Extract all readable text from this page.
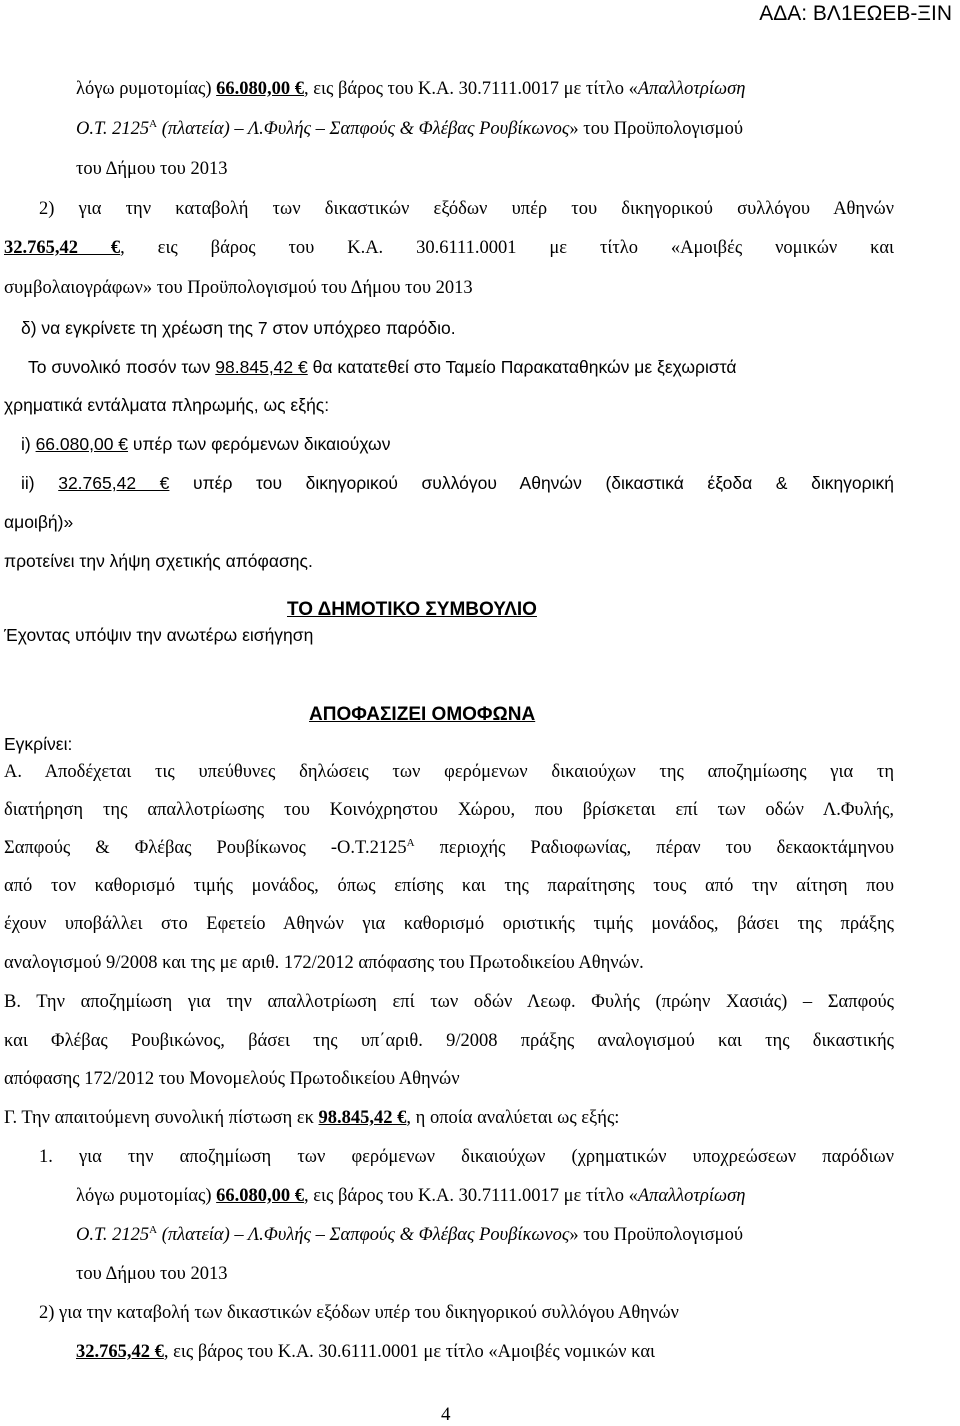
ΑΔΑ: ΒΛ1ΕΩΕΒ-ΞΙΝ
λόγω ρυμοτομίας) 66.080,00 €, εις βάρος του Κ.Α. 30.7111.0017 με τίτλο «Απαλλοτρίωση
Ο.Τ. $2125^A$ (πλατεία) – Λ.Φυλής – Σαπφούς & Φλέβας Ρουβίκωνος» του Προϋπολογισμού
του Δήμου του 2013
2) για την καταβολή των δικαστικών εξόδων υπέρ του δικηγορικού συλλόγου Αθηνών
32.765,42 €, εις βάρος του Κ.Α. 30.6111.0001 με τίτλο «Αμοιβές νομικών και
συμβολαιογράφων» του Προϋπολογισμού του Δήμου του 2013
δ) να εγκρίνετε τη χρέωση της 7 στον υπόχρεο παρόδιο.
Το συνολικό ποσόν των 98.845,42 € θα κατατεθεί στο Ταμείο Παρακαταθηκών με ξεχωριστά
χρηματικά εντάλματα πληρωμής, ως εξής:
i) 66.080,00 € υπέρ των φερόμενων δικαιούχων
ii) 32.765,42 € υπέρ του δικηγορικού συλλόγου Αθηνών (δικαστικά έξοδα & δικηγορική
αμοιβή)»
προτείνει την λήψη σχετικής απόφασης.
ΤΟ ΔΗΜΟΤΙΚΟ ΣΥΜΒΟΥΛΙΟ
Έχοντας υπόψιν την ανωτέρω εισήγηση
ΑΠΟΦΑΣΙΖΕΙ ΟΜΟΦΩΝΑ
Εγκρίνει:
Α. Αποδέχεται τις υπεύθυνες δηλώσεις των φερόμενων δικαιούχων της αποζημίωσης για τη
διατήρηση της απαλλοτρίωσης του Κοινόχρηστου Χώρου, που βρίσκεται επί των οδών Λ.Φυλής,
Σαπφούς & Φλέβας Ρουβίκωνος $-O.T.2125^A$ περιοχής Ραδιοφωνίας, πέραν του δεκαοκτάμηνου
από τον καθορισμό τιμής μονάδος, όπως επίσης και της παραίτησης τους από την αίτηση που
έχουν υποβάλλει στο Εφετείο Αθηνών για καθορισμό οριστικής τιμής μονάδος, βάσει της πράξης
αναλογισμού 9/2008 και της με αριθ. 172/2012 απόφασης του Πρωτοδικείου Αθηνών.
Β. Την αποζημίωση για την απαλλοτρίωση επί των οδών Λεωφ. Φυλής (πρώην Χασιάς) – Σαπφούς
και Φλέβας Ρουβικώνος, βάσει της υπ΄αριθ. 9/2008 πράξης αναλογισμού και της δικαστικής
απόφασης 172/2012 του Μονομελούς Πρωτοδικείου Αθηνών
Γ. Την απαιτούμενη συνολική πίστωση εκ 98.845,42 €, η οποία αναλύεται ως εξής:
1. για την αποζημίωση των φερόμενων δικαιούχων (χρηματικών υποχρεώσεων παρόδιων
λόγω ρυμοτομίας) 66.080,00 €, εις βάρος του Κ.Α. 30.7111.0017 με τίτλο «Απαλλοτρίωση
Ο.Τ. $2125^A$ (πλατεία) – Λ.Φυλής – Σαπφούς & Φλέβας Ρουβίκωνος» του Προϋπολογισμού
του Δήμου του 2013
2) για την καταβολή των δικαστικών εξόδων υπέρ του δικηγορικού συλλόγου Αθηνών
32.765,42 €, εις βάρος του Κ.Α. 30.6111.0001 με τίτλο «Αμοιβές νομικών και
4
